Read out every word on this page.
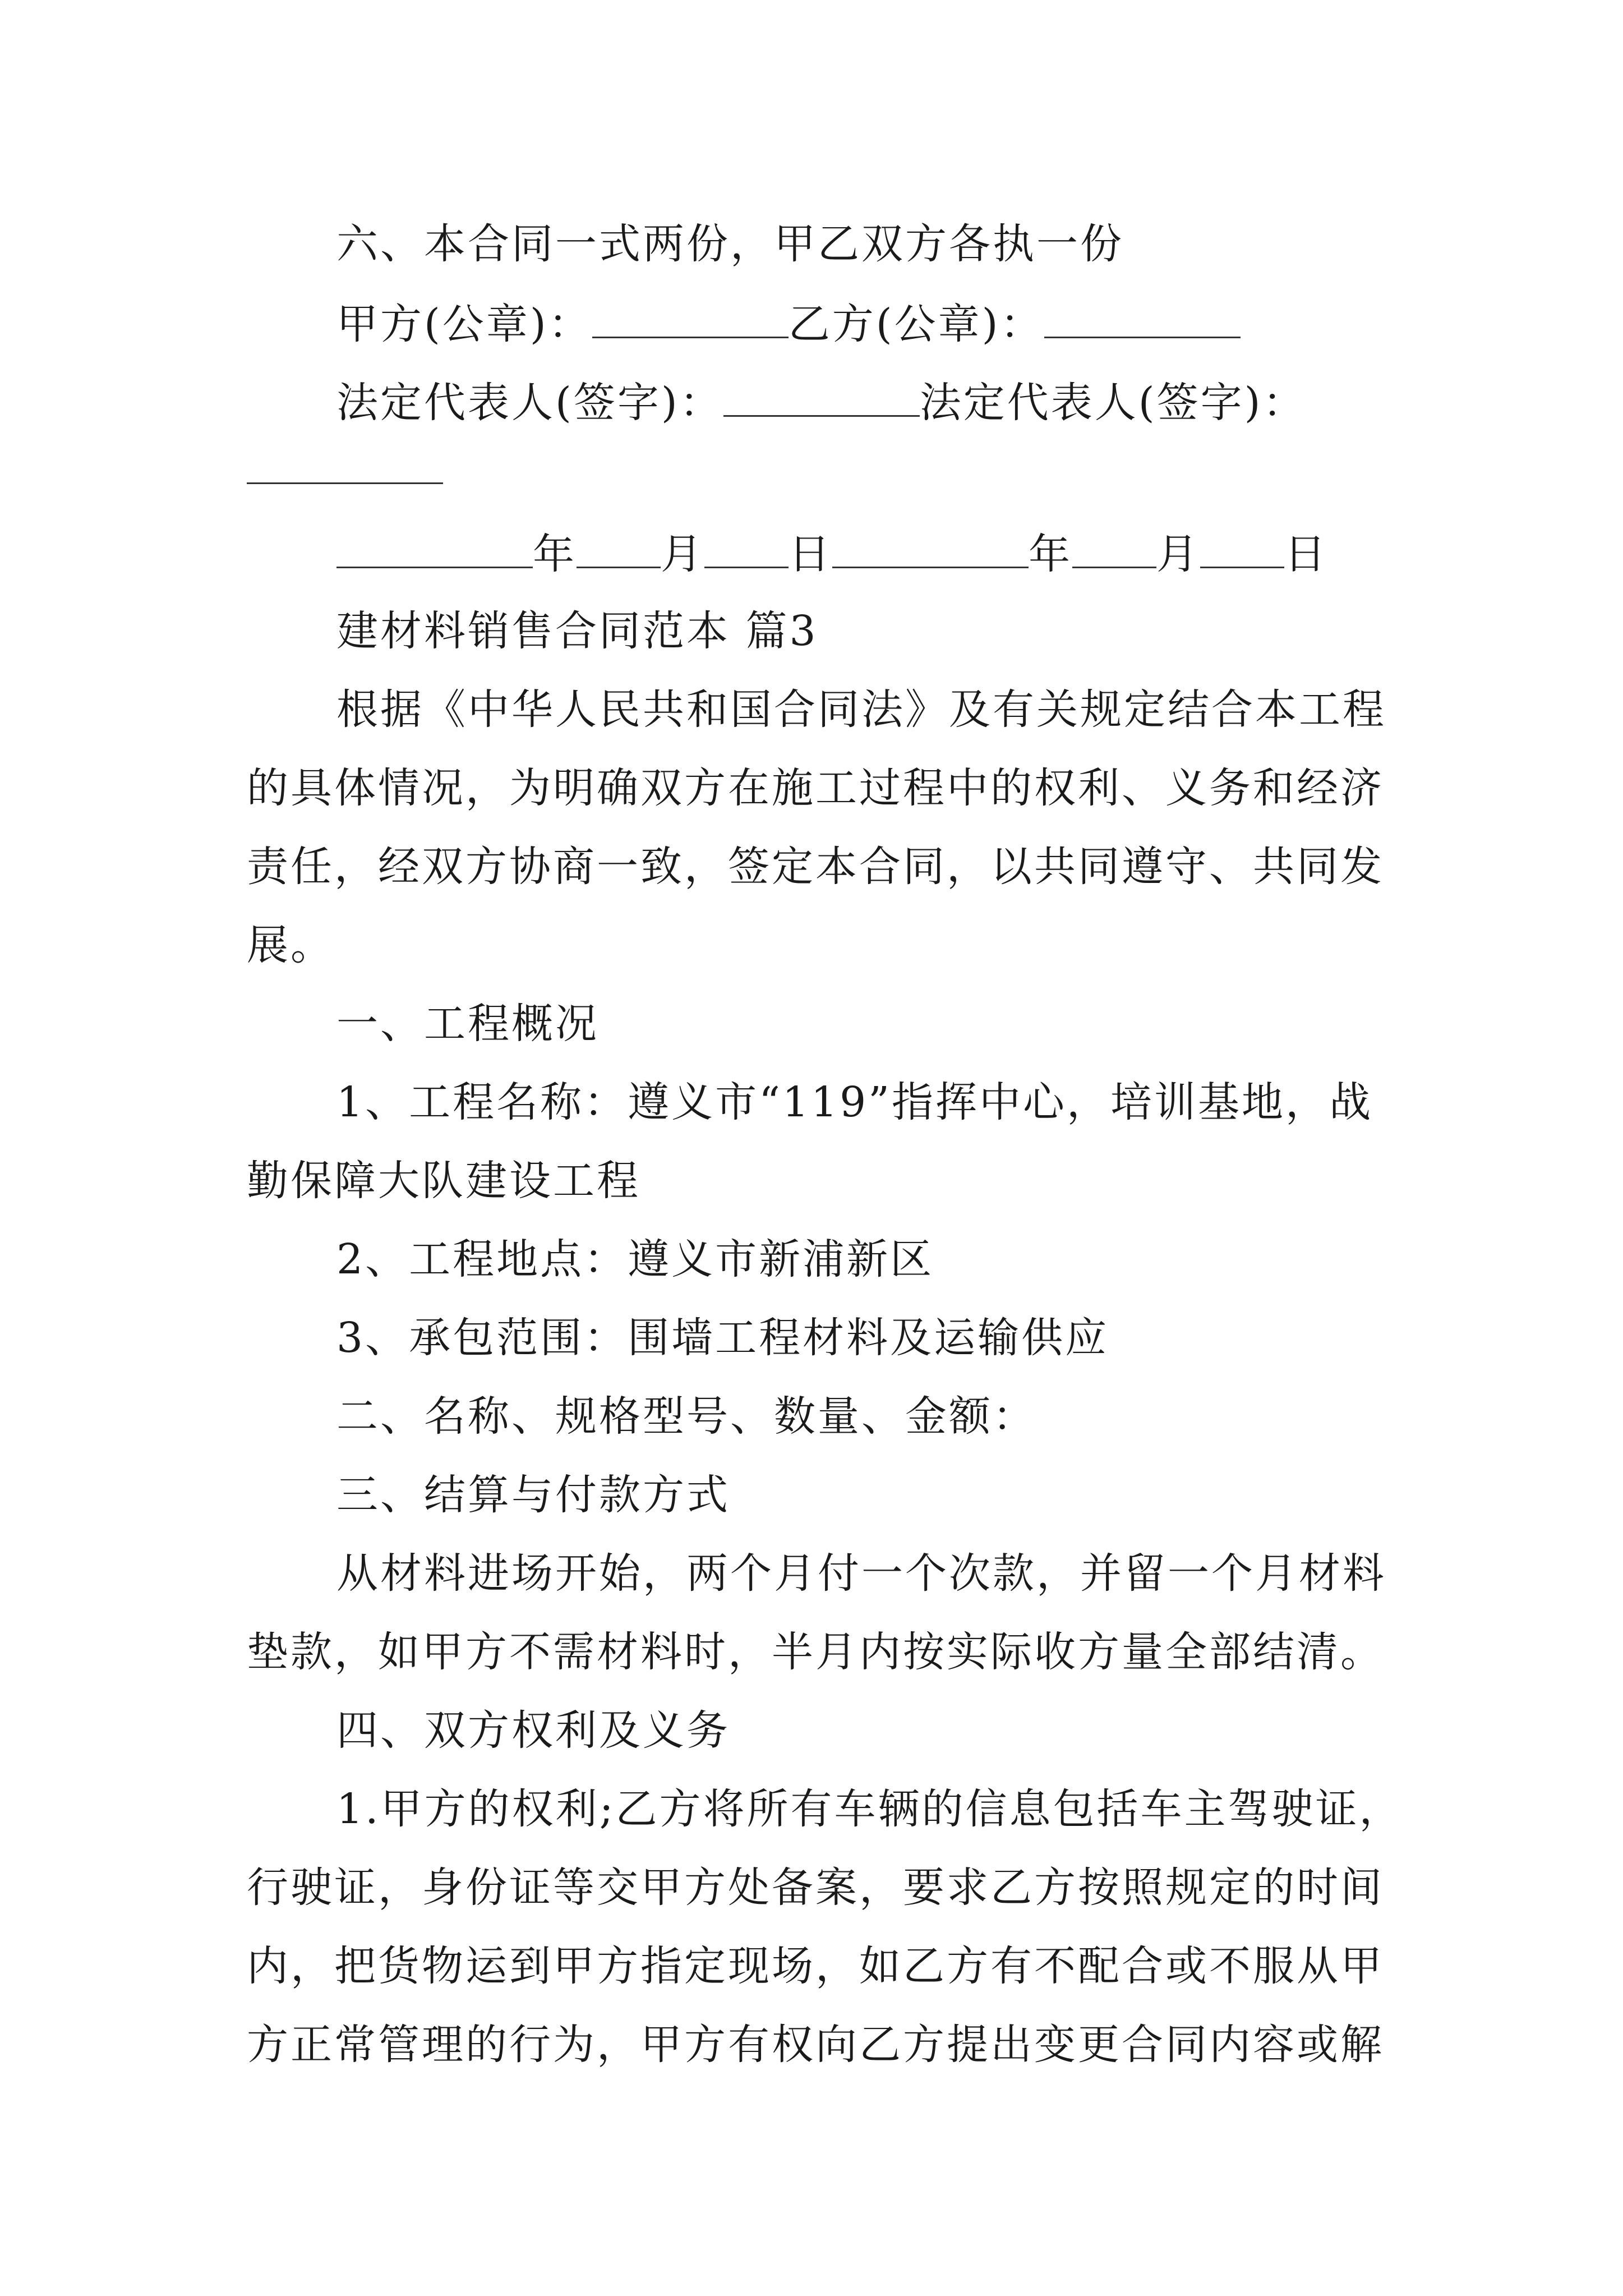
六、本合同一式两份，甲乙双方各执一份
甲方(公章)：	乙方(公章)：
法定代表人(签字)：	法定代表人(签字)：
年 月 日	年 月 日
建材料销售合同范本 篇3
根据《中华人民共和国合同法》及有关规定结合本工程
的具体情况，为明确双方在施工过程中的权利、义务和经济
责任，经双方协商一致，签定本合同，以共同遵守、共同发
展。
一、工程概况
1、工程名称：遵义市“119”指挥中心，培训基地，战
勤保障大队建设工程
2、工程地点：遵义市新浦新区
3、承包范围：围墙工程材料及运输供应
二、名称、规格型号、数量、金额：
三、结算与付款方式
从材料进场开始，两个月付一个次款，并留一个月材料
垫款，如甲方不需材料时，半月内按实际收方量全部结清。
四、双方权利及义务
1.甲方的权利;乙方将所有车辆的信息包括车主驾驶证，
行驶证，身份证等交甲方处备案，要求乙方按照规定的时间
内，把货物运到甲方指定现场，如乙方有不配合或不服从甲
方正常管理的行为，甲方有权向乙方提出变更合同内容或解
